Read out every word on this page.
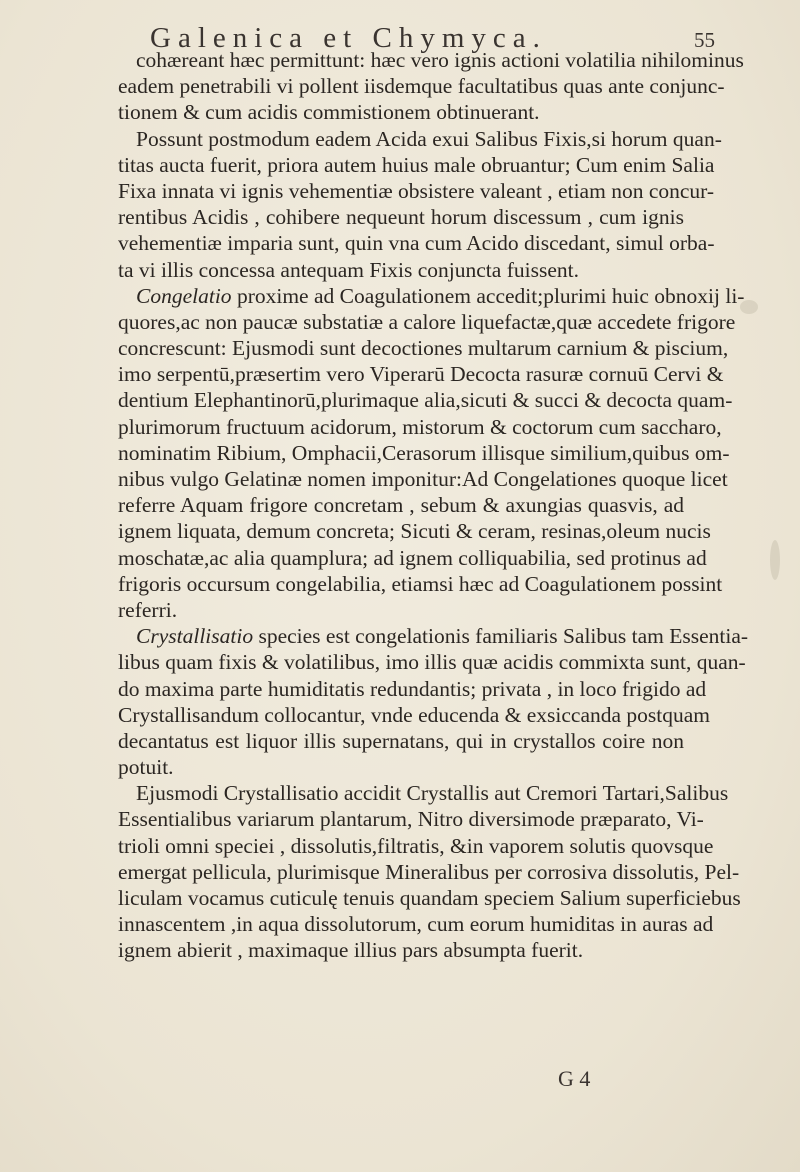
Galenica et Chymyca.	55
cohæreant hæc permittunt: hæc vero ignis actioni volatilia nihilominus
eadem penetrabili vi pollent iisdemque facultatibus quas ante conjunc-
tionem & cum acidis commistionem obtinuerant.
Possunt postmodum eadem Acida exui Salibus Fixis,si horum quan-
titas aucta fuerit, priora autem huius male obruantur; Cum enim Salia
Fixa innata vi ignis vehementiæ obsistere valeant , etiam non concur-
rentibus Acidis , cohibere nequeunt horum discessum , cum ignis
vehementiæ imparia sunt, quin vna cum Acido discedant, simul orba-
ta vi illis concessa antequam Fixis conjuncta fuissent.
Congelatio proxime ad Coagulationem accedit;plurimi huic obnoxij li-
quores,ac non paucæ substatiæ a calore liquefactæ,quæ accedete frigore
concrescunt: Ejusmodi sunt decoctiones multarum carnium & piscium,
imo serpentū,præsertim vero Viperarū Decocta rasuræ cornuū Cervi &
dentium Elephantinorū,plurimaque alia,sicuti & succi & decocta quam-
plurimorum fructuum acidorum, mistorum & coctorum cum saccharo,
nominatim Ribium, Omphacii,Cerasorum illisque similium,quibus om-
nibus vulgo Gelatinæ nomen imponitur:Ad Congelationes quoque licet
referre Aquam frigore concretam , sebum & axungias quasvis, ad
ignem liquata, demum concreta; Sicuti & ceram, resinas,oleum nucis
moschatæ,ac alia quamplura; ad ignem colliquabilia, sed protinus ad
frigoris occursum congelabilia, etiamsi hæc ad Coagulationem possint
referri.
Crystallisatio species est congelationis familiaris Salibus tam Essentia-
libus quam fixis & volatilibus, imo illis quæ acidis commixta sunt, quan-
do maxima parte humiditatis redundantis; privata , in loco frigido ad
Crystallisandum collocantur, vnde educenda & exsiccanda postquam
decantatus est liquor illis supernatans, qui in crystallos coire non
potuit.
Ejusmodi Crystallisatio accidit Crystallis aut Cremori Tartari,Salibus
Essentialibus variarum plantarum, Nitro diversimode præparato, Vi-
trioli omni speciei , dissolutis,filtratis, &in vaporem solutis quovsque
emergat pellicula, plurimisque Mineralibus per corrosiva dissolutis, Pel-
liculam vocamus cuticulę tenuis quandam speciem Salium superficiebus
innascentem ,in aqua dissolutorum, cum eorum humiditas in auras ad
ignem abierit , maximaque illius pars absumpta fuerit.
G 4
